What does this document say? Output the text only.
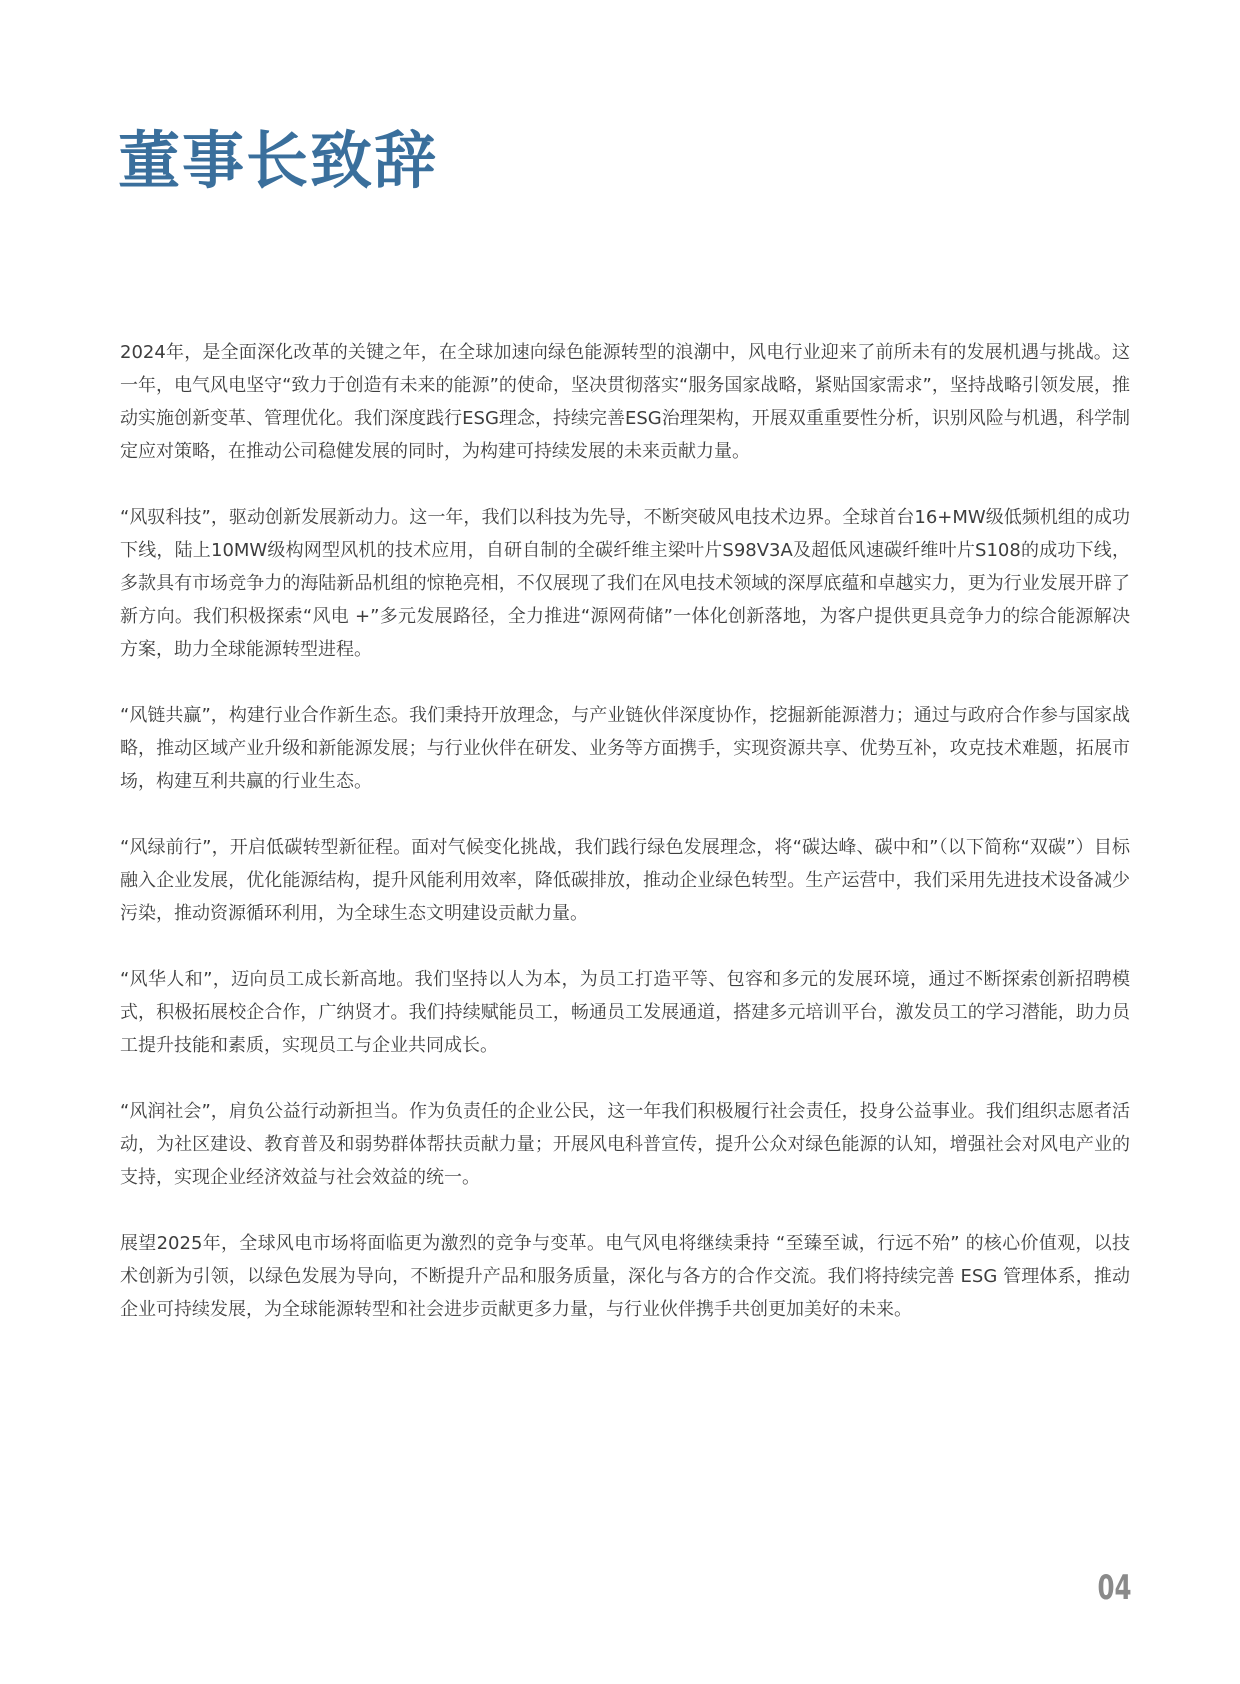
董事长致辞

2024年，是全面深化改革的关键之年，在全球加速向绿色能源转型的浪潮中，风电行业迎来了前所未有的发展机遇与挑战。这一年，电气风电坚守“致力于创造有未来的能源”的使命，坚决贯彻落实“服务国家战略，紧贴国家需求”，坚持战略引领发展，推动实施创新变革、管理优化。我们深度践行ESG理念，持续完善ESG治理架构，开展双重重要性分析，识别风险与机遇，科学制定应对策略，在推动公司稳健发展的同时，为构建可持续发展的未来贡献力量。

“风驭科技”，驱动创新发展新动力。这一年，我们以科技为先导，不断突破风电技术边界。全球首台16+MW级低频机组的成功下线，陆上10MW级构网型风机的技术应用，自研自制的全碳纤维主梁叶片S98V3A及超低风速碳纤维叶片S108的成功下线，多款具有市场竞争力的海陆新品机组的惊艳亮相，不仅展现了我们在风电技术领域的深厚底蕴和卓越实力，更为行业发展开辟了新方向。我们积极探索“风电 +”多元发展路径，全力推进“源网荷储”一体化创新落地，为客户提供更具竞争力的综合能源解决方案，助力全球能源转型进程。

“风链共赢”，构建行业合作新生态。我们秉持开放理念，与产业链伙伴深度协作，挖掘新能源潜力；通过与政府合作参与国家战略，推动区域产业升级和新能源发展；与行业伙伴在研发、业务等方面携手，实现资源共享、优势互补，攻克技术难题，拓展市场，构建互利共赢的行业生态。

“风绿前行”，开启低碳转型新征程。面对气候变化挑战，我们践行绿色发展理念，将“碳达峰、碳中和”（以下简称“双碳”）目标融入企业发展，优化能源结构，提升风能利用效率，降低碳排放，推动企业绿色转型。生产运营中，我们采用先进技术设备减少污染，推动资源循环利用，为全球生态文明建设贡献力量。

“风华人和”，迈向员工成长新高地。我们坚持以人为本，为员工打造平等、包容和多元的发展环境，通过不断探索创新招聘模式，积极拓展校企合作，广纳贤才。我们持续赋能员工，畅通员工发展通道，搭建多元培训平台，激发员工的学习潜能，助力员工提升技能和素质，实现员工与企业共同成长。

“风润社会”，肩负公益行动新担当。作为负责任的企业公民，这一年我们积极履行社会责任，投身公益事业。我们组织志愿者活动，为社区建设、教育普及和弱势群体帮扶贡献力量；开展风电科普宣传，提升公众对绿色能源的认知，增强社会对风电产业的支持，实现企业经济效益与社会效益的统一。

展望2025年，全球风电市场将面临更为激烈的竞争与变革。电气风电将继续秉持 “至臻至诚，行远不殆” 的核心价值观，以技术创新为引领，以绿色发展为导向，不断提升产品和服务质量，深化与各方的合作交流。我们将持续完善 ESG 管理体系，推动企业可持续发展，为全球能源转型和社会进步贡献更多力量，与行业伙伴携手共创更加美好的未来。

04
